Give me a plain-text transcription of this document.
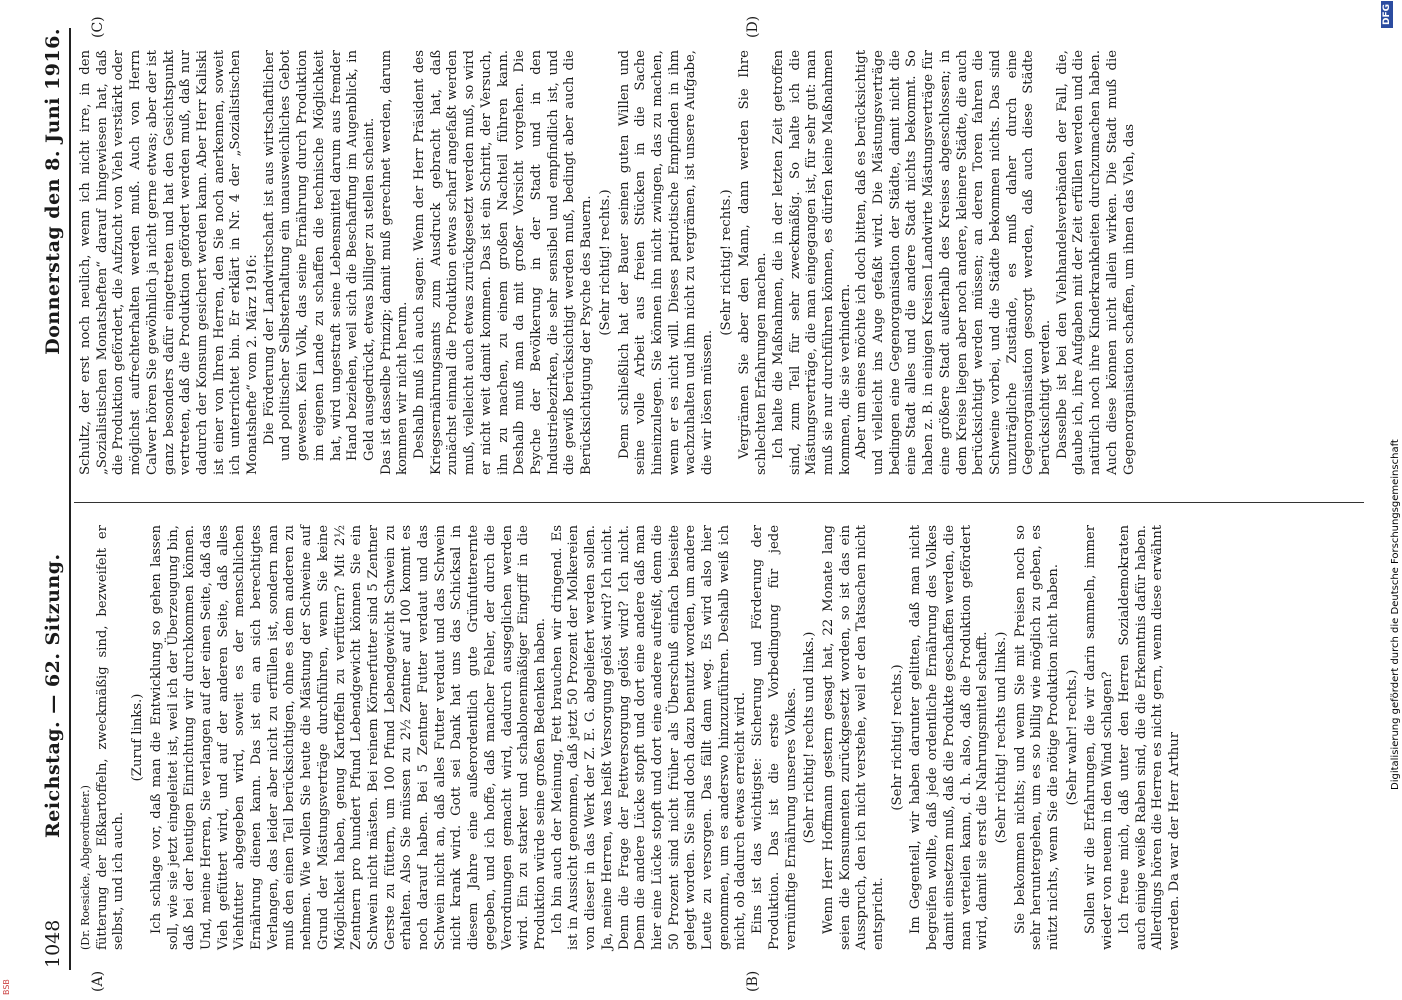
1048
Reichstag. — 62. Sitzung.
Donnerstag den 8. Juni 1916.
(A)	(B)
(C)	(D)

(Dr. Roesicke, Abgeordneter.) fütterung der Eßkartoffeln, zweckmäßig sind, bezweifelt er selbst, und ich auch.

(Zuruf links.) Ich schlage vor, daß man die Entwicklung so gehen lassen soll, wie sie jetzt eingeleitet ist, weil ich der Überzeugung bin, daß bei der heutigen Einrichtung wir durchkommen können. Und, meine Herren, Sie verlangen auf der einen Seite, daß das Vieh gefüttert wird, und auf der anderen Seite, daß alles Viehfutter abgegeben wird, soweit es der menschlichen Ernährung dienen kann. Das ist ein an sich berechtigtes Verlangen, das leider aber nicht zu erfüllen ist, sondern man muß den einen Teil berücksichtigen, ohne es dem anderen zu nehmen. Wie wollen Sie heute die Mästung der Schweine auf Grund der Mästungsverträge durchführen, wenn Sie keine Möglichkeit haben, genug Kartoffeln zu verfüttern? Mit 2½ Zentnern pro hundert Pfund Lebendgewicht können Sie ein Schwein nicht mästen. Bei reinem Körnerfutter sind 5 Zentner Gerste zu füttern, um 100 Pfund Lebendgewicht Schwein zu erhalten. Also Sie müssen zu 2½ Zentner auf 100 kommt es noch darauf haben. Bei 5 Zentner Futter verdaut und das Schwein nicht an, daß alles Futter verdaut und das Schwein nicht krank wird. Gott sei Dank hat uns das Schicksal in diesem Jahre eine außerordentlich gute Grünfutterernte gegeben, und ich hoffe, daß mancher Fehler, der durch die Verordnungen gemacht wird, dadurch ausgeglichen werden wird. Ein zu starker und schablonenmäßiger Eingriff in die Produktion würde seine großen Bedenken haben. Ich bin auch der Meinung, Fett brauchen wir dringend. Es ist in Aussicht genommen, daß jetzt 50 Prozent der Molkereien von dieser in das Werk der Z. E. G. abgeliefert werden sollen. Ja, meine Herren, was heißt Versorgung gelöst wird? Ich nicht. Denn die Frage der Fettversorgung gelöst wird? Ich nicht. Denn die andere Lücke stopft und dort eine andere daß man hier eine Lücke stopft und dort eine andere aufreißt, denn die 50 Prozent sind nicht früher als Überschuß einfach beiseite gelegt worden. Sie sind doch dazu benutzt worden, um andere Leute zu versorgen. Das fällt dann weg. Es wird also hier genommen, um es anderswo hinzuzuführen. Deshalb weiß ich nicht, ob dadurch etwas erreicht wird. Eins ist das wichtigste: Sicherung und Förderung der Produktion. Das ist die erste Vorbedingung für jede vernünftige Ernährung unseres Volkes. (Sehr richtig! rechts und links.) Wenn Herr Hoffmann gestern gesagt hat, 22 Monate lang seien die Konsumenten zurückgesetzt worden, so ist das ein Ausspruch, den ich nicht verstehe, weil er den Tatsachen nicht entspricht.

(Sehr richtig! rechts.) Im Gegenteil, wir haben darunter gelitten, daß man nicht begreifen wollte, daß jede ordentliche Ernährung des Volkes damit einsetzen muß, daß die Produkte geschaffen werden, die man verteilen kann, d. h. also, daß die Produktion gefördert wird, damit sie erst die Nahrungsmittel schafft. (Sehr richtig! rechts und links.) Sie bekommen nichts; und wenn Sie mit Preisen noch so sehr heruntergehen, um es so billig wie möglich zu geben, es nützt nichts, wenn Sie die nötige Produktion nicht haben. (Sehr wahr! rechts.) Sollen wir die Erfahrungen, die wir darin sammeln, immer wieder von neuem in den Wind schlagen? Ich freue mich, daß unter den Herren Sozialdemokraten auch einige weiße Raben sind, die die Erkenntnis dafür haben. Allerdings hören die Herren es nicht gern, wenn diese erwähnt werden. Da war der Herr Arthur

Schultz, der erst noch neulich, wenn ich nicht irre, in den „Sozialistischen Monatsheften“ darauf hingewiesen hat, daß die Produktion gefördert, die Aufzucht von Vieh verstärkt oder möglichst aufrechterhalten werden muß. Auch von Herrn Calwer hören Sie gewöhnlich ja nicht gerne etwas; aber der ist ganz besonders dafür eingetreten und hat den Gesichtspunkt vertreten, daß die Produktion gefördert werden muß, daß nur dadurch der Konsum gesichert werden kann. Aber Herr Kaliski ist einer von Ihren Herren, den Sie noch anerkennen, soweit ich unterrichtet bin. Er erklärt in Nr. 4 der „Sozialistischen Monatshefte“ vom 2. März 1916: Die Förderung der Landwirtschaft ist aus wirtschaftlicher und politischer Selbsterhaltung ein unausweichliches Gebot gewesen. Kein Volk, das seine Ernährung durch Produktion im eigenen Lande zu schaffen die technische Möglichkeit hat, wird ungestraft seine Lebensmittel darum aus fremder Hand beziehen, weil sich die Beschaffung im Augenblick, in Geld ausgedrückt, etwas billiger zu stellen scheint. Das ist dasselbe Prinzip; damit muß gerechnet werden, darum kommen wir nicht herum. Deshalb muß ich auch sagen: Wenn der Herr Präsident des Kriegsernährungsamts zum Ausdruck gebracht hat, daß zunächst einmal die Produktion etwas scharf angefaßt werden muß, vielleicht auch etwas zurückgesetzt werden muß, so wird er nicht weit damit kommen. Das ist ein Schritt, der Versuch, ihn zu machen, zu einem großen Nachteil führen kann. Deshalb muß man da mit großer Vorsicht vorgehen. Die Psyche der Bevölkerung in der Stadt und in den Industriebezirken, die sehr sensibel und empfindlich ist, und die gewiß berücksichtigt werden muß, bedingt aber auch die Berücksichtigung der Psyche des Bauern. (Sehr richtig! rechts.) Denn schließlich hat der Bauer seinen guten Willen und seine volle Arbeit aus freien Stücken in die Sache hineinzulegen. Sie können ihn nicht zwingen, das zu machen, wenn er es nicht will. Dieses patriotische Empfinden in ihm wachzuhalten und ihm nicht zu vergrämen, ist unsere Aufgabe, die wir lösen müssen.

(Sehr richtig! rechts.) Vergrämen Sie aber den Mann, dann werden Sie Ihre schlechten Erfahrungen machen. Ich halte die Maßnahmen, die in der letzten Zeit getroffen sind, zum Teil für sehr zweckmäßig. So halte ich die Mästungsverträge, die man eingegangen ist, für sehr gut: man muß sie nur durchführen können, es dürfen keine Maßnahmen kommen, die sie verhindern. Aber um eines möchte ich doch bitten, daß es berücksichtigt und vielleicht ins Auge gefaßt wird. Die Mästungsverträge bedingen eine Gegenorganisation der Städte, damit nicht die eine Stadt alles und die andere Stadt nichts bekommt. So haben z. B. in einigen Kreisen Landwirte Mästungsverträge für eine größere Stadt außerhalb des Kreises abgeschlossen; in dem Kreise liegen aber noch andere, kleinere Städte, die auch berücksichtigt werden müssen; an deren Toren fahren die Schweine vorbei, und die Städte bekommen nichts. Das sind unzuträgliche Zustände, es muß daher durch eine Gegenorganisation gesorgt werden, daß auch diese Städte berücksichtigt werden. Dasselbe ist bei den Viehhandelsverbänden der Fall, die, glaube ich, ihre Aufgaben mit der Zeit erfüllen werden und die natürlich noch ihre Kinderkrankheiten durchzumachen haben. Auch diese können nicht allein wirken. Die Stadt muß die Gegenorganisation schaffen, um ihnen das Vieh, das

DFG
Digitalisierung gefördert durch die Deutsche Forschungsgemeinschaft
BSB
